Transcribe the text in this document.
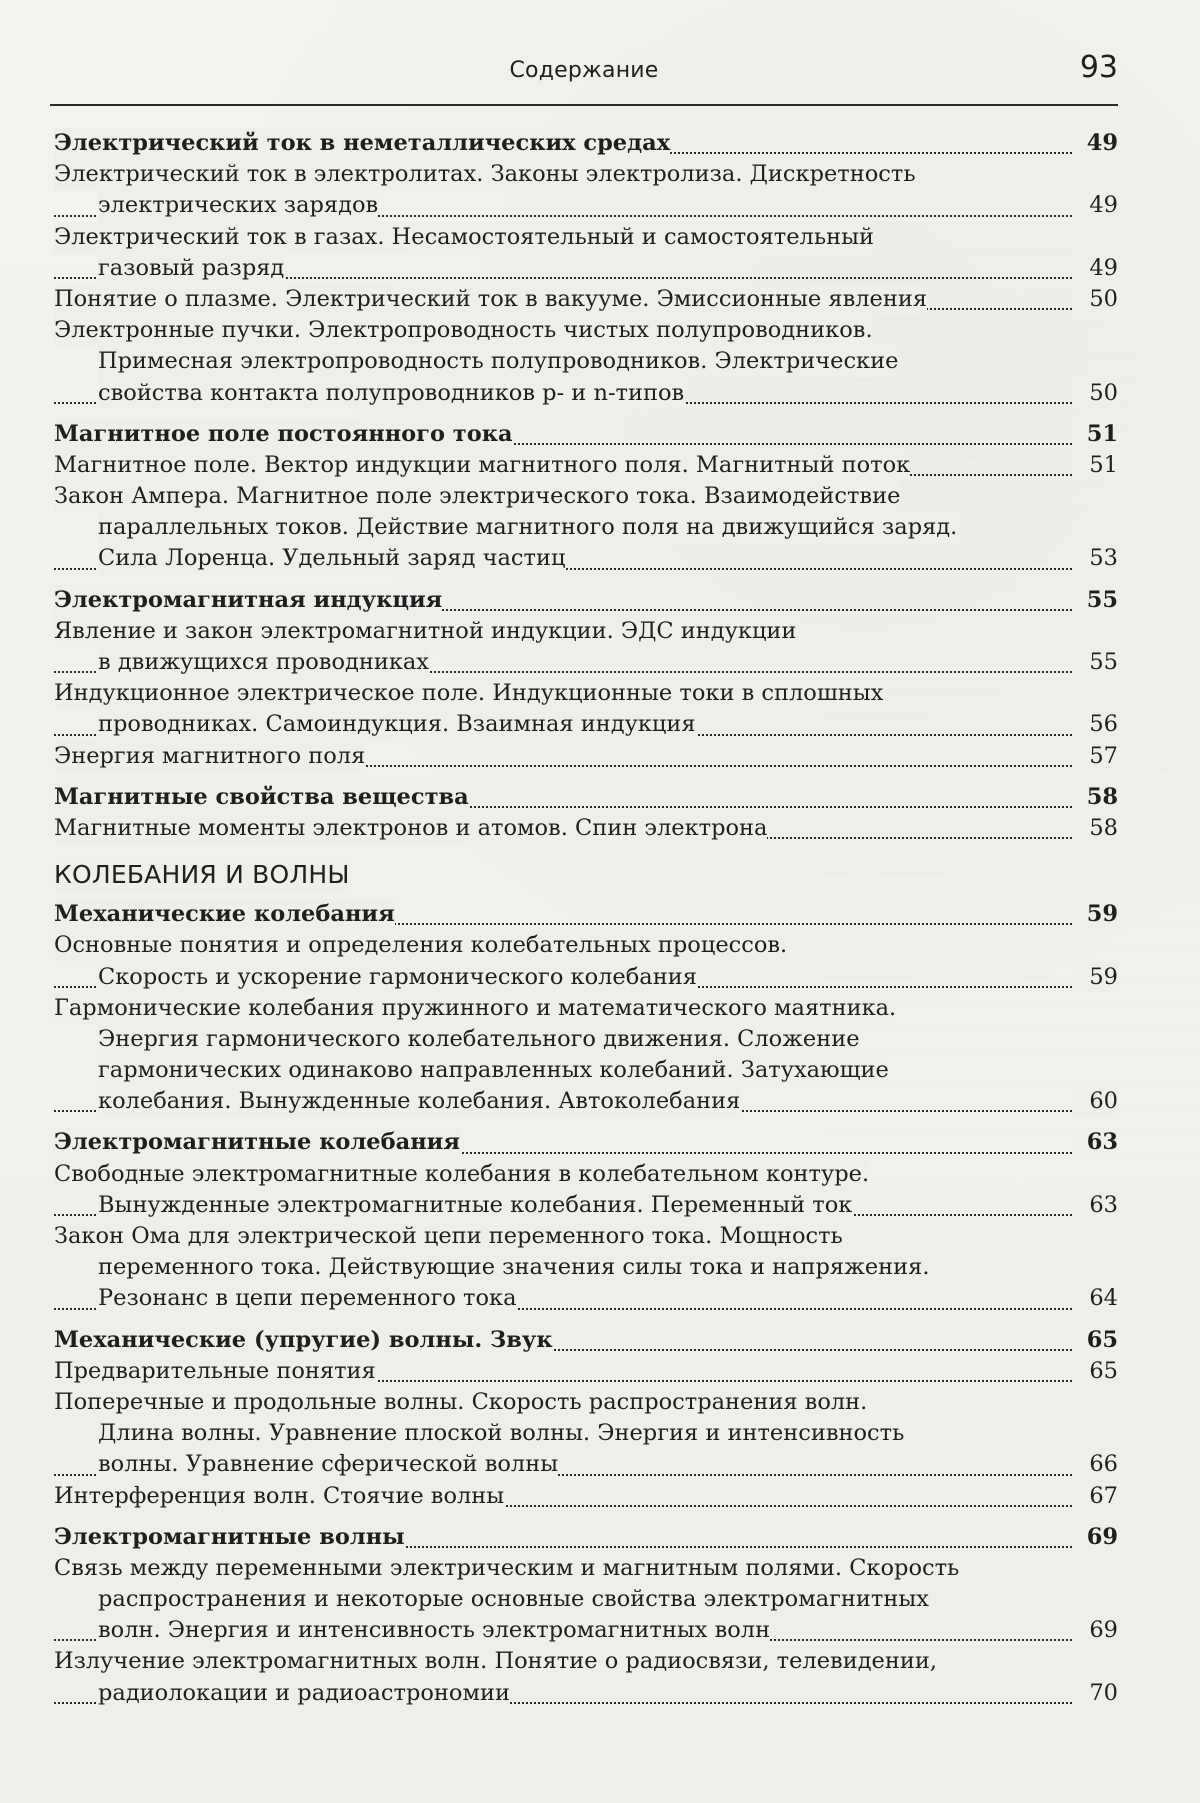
Содержание	93
Электрический ток в неметаллических средах	49
Электрический ток в электролитах. Законы электролиза. Дискретность
электрических зарядов	49
Электрический ток в газах. Несамостоятельный и самостоятельный
газовый разряд	49
Понятие о плазме. Электрический ток в вакууме. Эмиссионные явления	50
Электронные пучки. Электропроводность чистых полупроводников.
Примесная электропроводность полупроводников. Электрические
свойства контакта полупроводников p- и n-типов	50
Магнитное поле постоянного тока	51
Магнитное поле. Вектор индукции магнитного поля. Магнитный поток	51
Закон Ампера. Магнитное поле электрического тока. Взаимодействие
параллельных токов. Действие магнитного поля на движущийся заряд.
Сила Лоренца. Удельный заряд частиц	53
Электромагнитная индукция	55
Явление и закон электромагнитной индукции. ЭДС индукции
в движущихся проводниках	55
Индукционное электрическое поле. Индукционные токи в сплошных
проводниках. Самоиндукция. Взаимная индукция	56
Энергия магнитного поля	57
Магнитные свойства вещества	58
Магнитные моменты электронов и атомов. Спин электрона	58
КОЛЕБАНИЯ И ВОЛНЫ
Механические колебания	59
Основные понятия и определения колебательных процессов.
Скорость и ускорение гармонического колебания	59
Гармонические колебания пружинного и математического маятника.
Энергия гармонического колебательного движения. Сложение
гармонических одинаково направленных колебаний. Затухающие
колебания. Вынужденные колебания. Автоколебания	60
Электромагнитные колебания	63
Свободные электромагнитные колебания в колебательном контуре.
Вынужденные электромагнитные колебания. Переменный ток	63
Закон Ома для электрической цепи переменного тока. Мощность
переменного тока. Действующие значения силы тока и напряжения.
Резонанс в цепи переменного тока	64
Механические (упругие) волны. Звук	65
Предварительные понятия	65
Поперечные и продольные волны. Скорость распространения волн.
Длина волны. Уравнение плоской волны. Энергия и интенсивность
волны. Уравнение сферической волны	66
Интерференция волн. Стоячие волны	67
Электромагнитные волны	69
Связь между переменными электрическим и магнитным полями. Скорость
распространения и некоторые основные свойства электромагнитных
волн. Энергия и интенсивность электромагнитных волн	69
Излучение электромагнитных волн. Понятие о радиосвязи, телевидении,
радиолокации и радиоастрономии	70
